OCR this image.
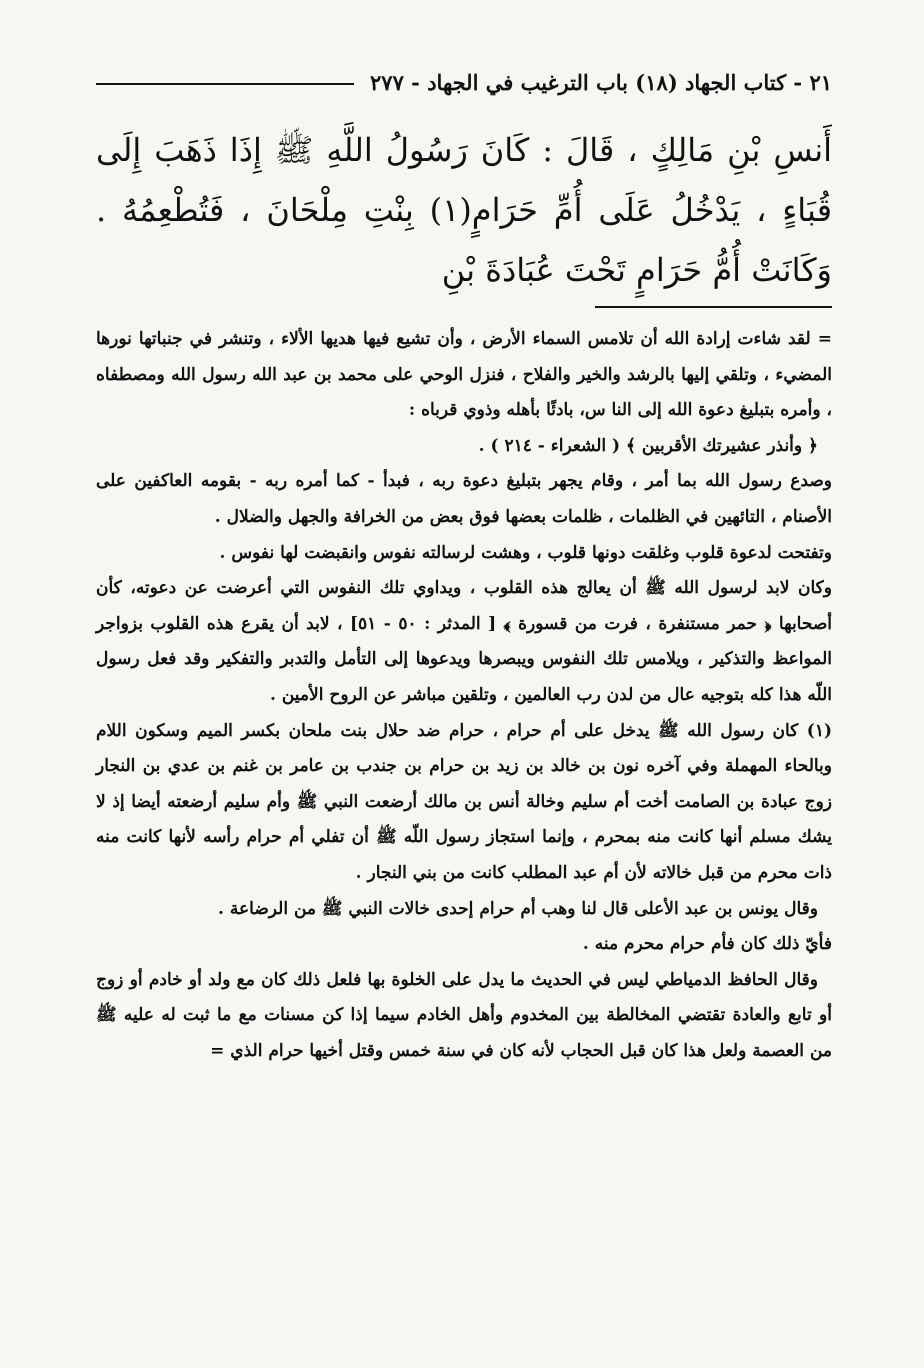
٢١ - كتاب الجهاد (١٨) باب الترغيب في الجهاد - ٢٧٧

أَنسِ بْنِ مَالِكٍ ، قَالَ : كَانَ رَسُولُ اللَّهِ ﷺ إِذَا ذَهَبَ إِلَى قُبَاءٍ ، يَدْخُلُ عَلَى أُمِّ حَرَامٍ(١) بِنْتِ مِلْحَانَ ، فَتُطْعِمُهُ . وَكَانَتْ أُمُّ حَرَامٍ تَحْتَ عُبَادَةَ بْنِ

= لقد شاءت إرادة الله أن تلامس السماء الأرض ، وأن تشيع فيها هديها الألاء ، وتنشر في جنباتها نورها المضيء ، وتلقي إليها بالرشد والخير والفلاح ، فنزل الوحي على محمد بن عبد الله رسول الله ومصطفاه ، وأمره بتبليغ دعوة الله إلى النا س، بادئًا بأهله وذوي قرباه :

﴿ وأنذر عشيرتك الأقربين ﴾ ( الشعراء - ٢١٤ ) .

وصدع رسول الله بما أمر ، وقام يجهر بتبليغ دعوة ربه ، فبدأ - كما أمره ربه - بقومه العاكفين على الأصنام ، التائهين في الظلمات ، ظلمات بعضها فوق بعض من الخرافة والجهل والضلال .

وتفتحت لدعوة قلوب وغلقت دونها قلوب ، وهشت لرسالته نفوس وانقبضت لها نفوس .

وكان لابد لرسول الله ﷺ أن يعالج هذه القلوب ، ويداوي تلك النفوس التي أعرضت عن دعوته، كأن أصحابها ﴿ حمر مستنفرة ، فرت من قسورة ﴾ [ المدثر : ٥٠ - ٥١] ، لابد أن يقرع هذه القلوب بزواجر المواعظ والتذكير ، ويلامس تلك النفوس ويبصرها ويدعوها إلى التأمل والتدبر والتفكير وقد فعل رسول اللّه هذا كله بتوجيه عال من لدن رب العالمين ، وتلقين مباشر عن الروح الأمين .

(١) كان رسول الله ﷺ يدخل على أم حرام ، حرام ضد حلال بنت ملحان بكسر الميم وسكون اللام وبالحاء المهملة وفي آخره نون بن خالد بن زيد بن حرام بن جندب بن عامر بن غنم بن عدي بن النجار زوج عبادة بن الصامت أخت أم سليم وخالة أنس بن مالك أرضعت النبي ﷺ وأم سليم أرضعته أيضا إذ لا يشك مسلم أنها كانت منه بمحرم ، وإنما استجاز رسول اللّه ﷺ أن تفلي أم حرام رأسه لأنها كانت منه ذات محرم من قبل خالاته لأن أم عبد المطلب كانت من بني النجار .

وقال يونس بن عبد الأعلى قال لنا وهب أم حرام إحدى خالات النبي ﷺ من الرضاعة .

فأيّ ذلك كان فأم حرام محرم منه .

وقال الحافظ الدمياطي ليس في الحديث ما يدل على الخلوة بها فلعل ذلك كان مع ولد أو خادم أو زوج أو تابع والعادة تقتضي المخالطة بين المخدوم وأهل الخادم سيما إذا كن مسنات مع ما ثبت له عليه ﷺ من العصمة ولعل هذا كان قبل الحجاب لأنه كان في سنة خمس وقتل أخيها حرام الذي =
